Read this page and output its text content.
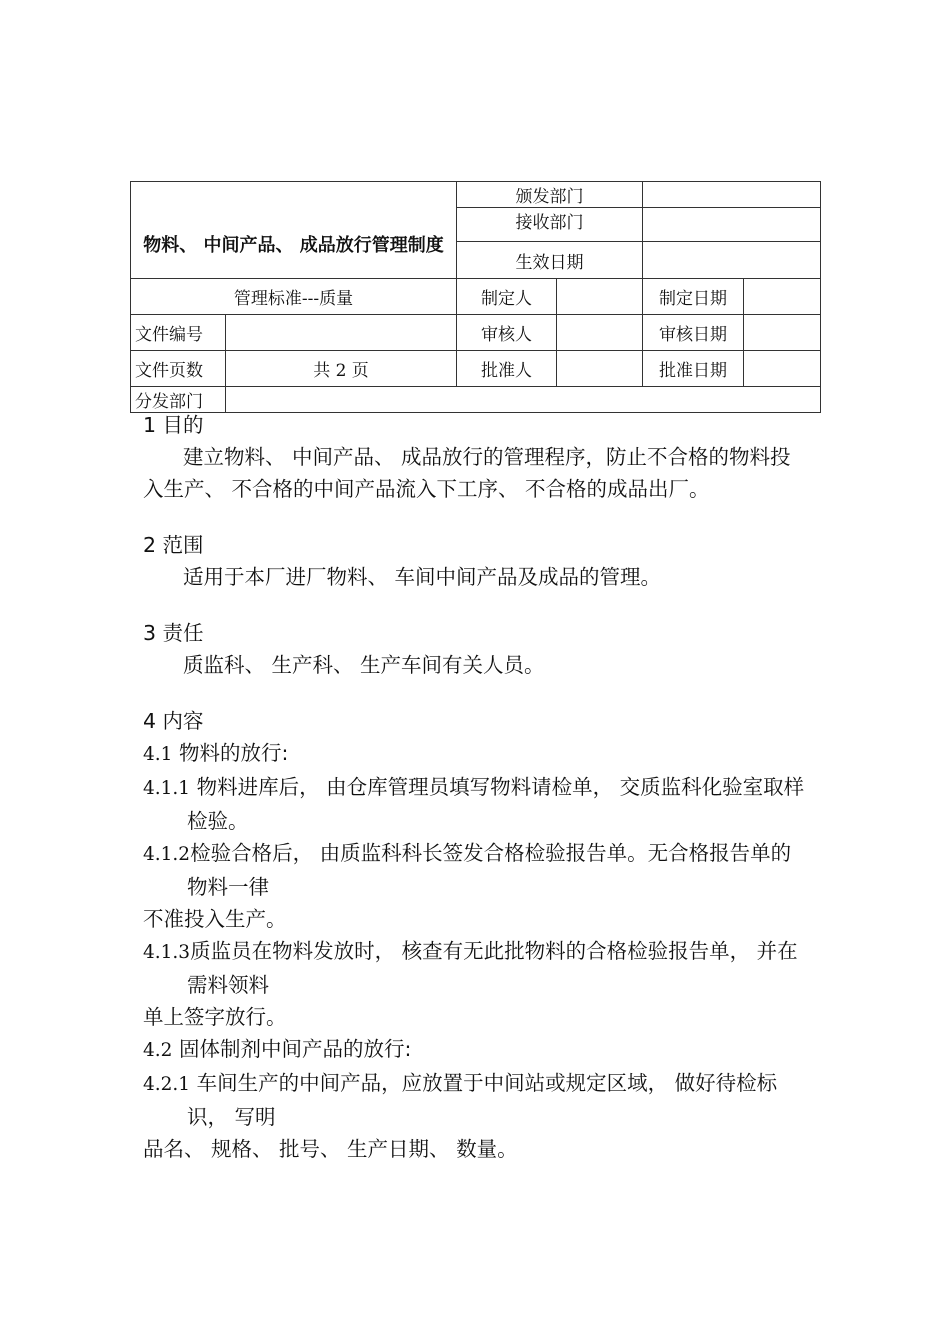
		颁发部门			
		接收部门			
物料、 中间产品、 成品放行管理制度		生效日期			
管理标准---质量		制定人		制定日期	
文件编号		审核人		审核日期	
文件页数	共 2 页	批准人		批准日期	
分发部门					
1 目的
建立物料、 中间产品、 成品放行的管理程序，防止不合格的物料投入生产、 不合格的中间产品流入下工序、 不合格的成品出厂。
2 范围
适用于本厂进厂物料、 车间中间产品及成品的管理。
3 责任
质监科、 生产科、 生产车间有关人员。
4 内容
4.1 物料的放行:
4.1.1 物料进库后， 由仓库管理员填写物料请检单， 交质监科化验室取样检验。
4.1.2检验合格后， 由质监科科长签发合格检验报告单。无合格报告单的物料一律
不准投入生产。
4.1.3质监员在物料发放时， 核查有无此批物料的合格检验报告单， 并在需料领料
单上签字放行。
4.2 固体制剂中间产品的放行:
4.2.1 车间生产的中间产品，应放置于中间站或规定区域， 做好待检标识， 写明
品名、 规格、 批号、 生产日期、 数量。
